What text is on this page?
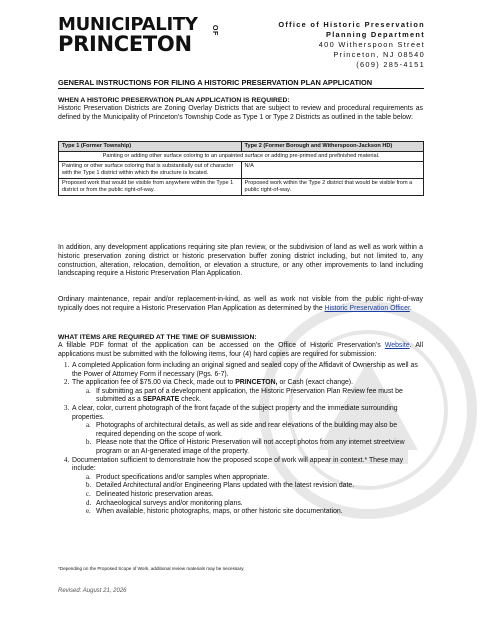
MUNICIPALITY
PRINCETON
OF
Office of Historic Preservation
Planning Department
400 Witherspoon Street
Princeton, NJ 08540
(609) 285-4151
GENERAL INSTRUCTIONS FOR FILING A HISTORIC PRESERVATION PLAN APPLICATION
WHEN A HISTORIC PRESERVATION PLAN APPLICATION IS REQUIRED:
Historic Preservation Districts are Zoning Overlay Districts that are subject to review and procedural requirements as defined by the Municipality of Princeton’s Township Code as Type 1 or Type 2 Districts as outlined in the table below:
Type 1 (Former Township)	Type 2 (Former Borough and Witherspoon-Jackson HD)
Painting or adding other surface coloring to an unpainted surface or adding pre-primed and prefinished material.	
Painting or other surface coloring that is substantially out of character with the Type 1 district within which the structure is located.	N/A
Proposed work that would be visible from anywhere within the Type 1 district or from the public right-of-way.	Proposed work within the Type 2 district that would be visible from a public right-of-way.
In addition, any development applications requiring site plan review, or the subdivision of land as well as work within a historic preservation zoning district or historic preservation buffer zoning district including, but not limited to, any construction, alteration, relocation, demolition, or elevation a structure, or any other improvements to land including landscaping require a Historic Preservation Plan Application.
Ordinary maintenance, repair and/or replacement-in-kind, as well as work not visible from the public right-of-way typically does not require a Historic Preservation Plan Application as determined by the Historic Preservation Officer.
WHAT ITEMS ARE REQUIRED AT THE TIME OF SUBMISSION:
A fillable PDF format of the application can be accessed on the Office of Historic Preservation’s Website. All applications must be submitted with the following items, four (4) hard copies are required for submission:
1. A completed Application form including an original signed and sealed copy of the Affidavit of Ownership as well as the Power of Attorney Form if necessary (Pgs. 6-7).
2. The application fee of $75.00 via Check, made out to PRINCETON, or Cash (exact change).
a. If submitting as part of a development application, the Historic Preservation Plan Review fee must be submitted as a SEPARATE check.
3. A clear, color, current photograph of the front façade of the subject property and the immediate surrounding properties.
a. Photographs of architectural details, as well as side and rear elevations of the building may also be required depending on the scope of work.
b. Please note that the Office of Historic Preservation will not accept photos from any internet streetview program or an AI-generated image of the property.
4. Documentation sufficient to demonstrate how the proposed scope of work will appear in context.* These may include:
a. Product specifications and/or samples when appropriate.
b. Detailed Architectural and/or Engineering Plans updated with the latest revision date.
c. Delineated historic preservation areas.
d. Archaeological surveys and/or monitoring plans.
e. When available, historic photographs, maps, or other historic site documentation.
*Depending on the Proposed Scope of Work, additional review materials may be necessary.
Revised: August 21, 2026
